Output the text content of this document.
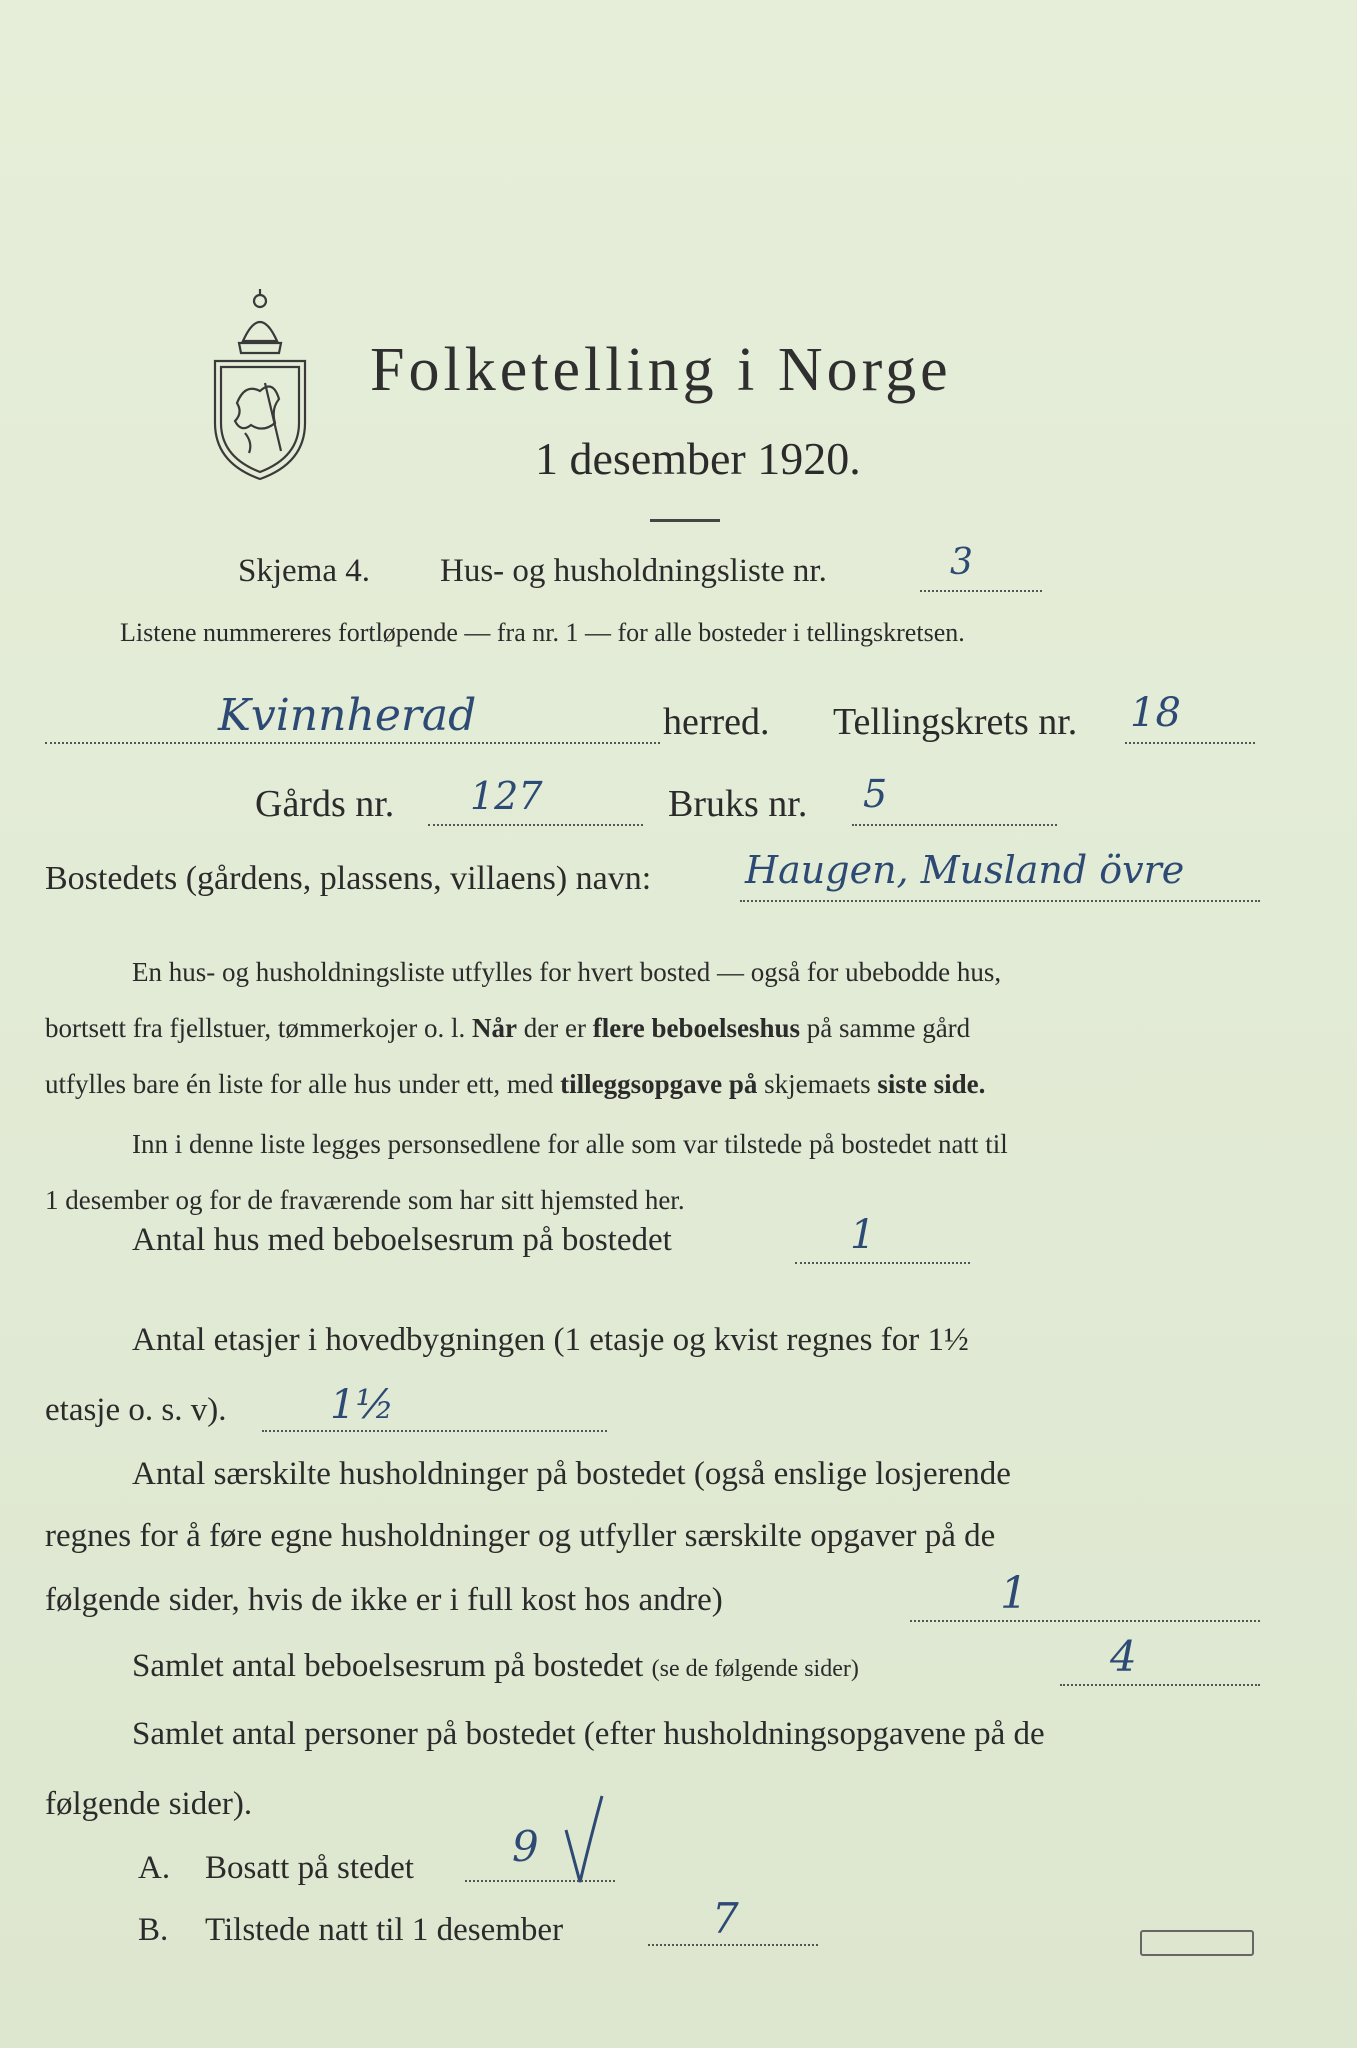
Folketelling i Norge
1 desember 1920.
Skjema 4. Hus- og husholdningsliste nr.	3
Listene nummereres fortløpende — fra nr. 1 — for alle bosteder i tellingskretsen.
Kvinnherad	herred. Tellingskrets nr. 18
Gårds nr. 127	Bruks nr. 5
Bostedets (gårdens, plassens, villaens) navn: Haugen, Musland övre
En hus- og husholdningsliste utfylles for hvert bosted — også for ubebodde hus,
bortsett fra fjellstuer, tømmerkojer o. l. Når der er flere beboelseshus på samme gård
utfylles bare én liste for alle hus under ett, med tilleggsopgave på skjemaets siste side.
Inn i denne liste legges personsedlene for alle som var tilstede på bostedet natt til
1 desember og for de fraværende som har sitt hjemsted her.
Antal hus med beboelsesrum på bostedet	1
Antal etasjer i hovedbygningen (1 etasje og kvist regnes for 1½
etasje o. s. v).	1½
Antal særskilte husholdninger på bostedet (også enslige losjerende
regnes for å føre egne husholdninger og utfyller særskilte opgaver på de
følgende sider, hvis de ikke er i full kost hos andre)	1
Samlet antal beboelsesrum på bostedet (se de følgende sider)	4
Samlet antal personer på bostedet (efter husholdningsopgavene på de
følgende sider).
A. Bosatt på stedet 9
B. Tilstede natt til 1 desember	7
